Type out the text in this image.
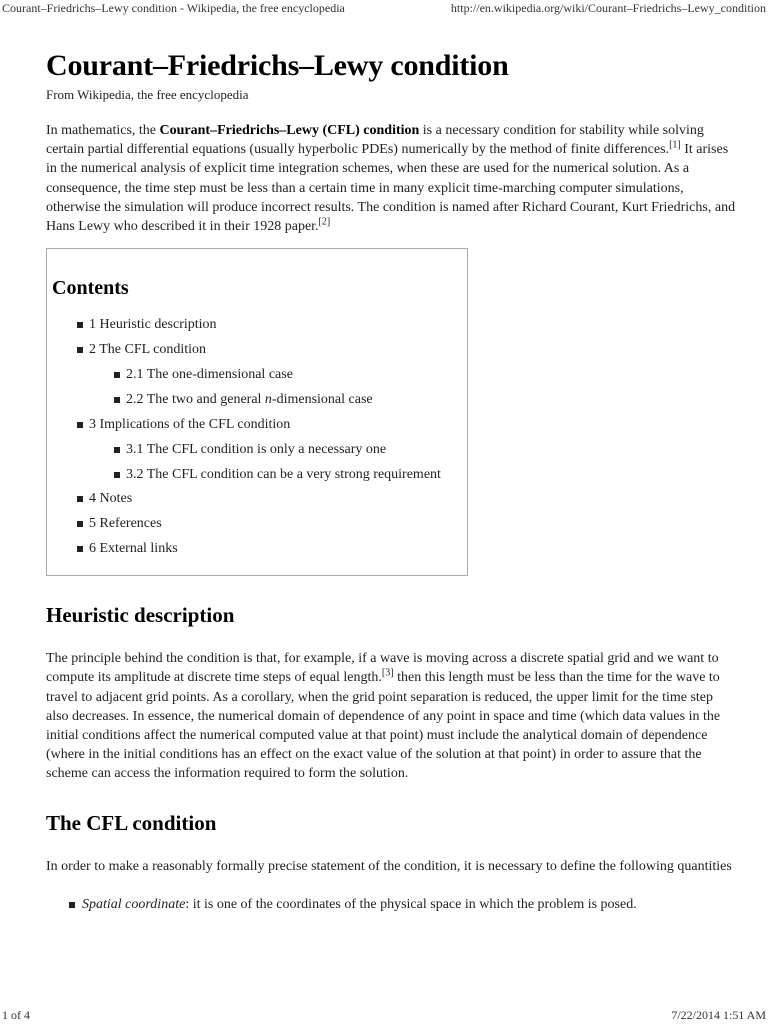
Courant–Friedrichs–Lewy condition - Wikipedia, the free encyclopedia	http://en.wikipedia.org/wiki/Courant–Friedrichs–Lewy_condition
Courant–Friedrichs–Lewy condition
From Wikipedia, the free encyclopedia

In mathematics, the Courant–Friedrichs–Lewy (CFL) condition is a necessary condition for stability while solving certain partial differential equations (usually hyperbolic PDEs) numerically by the method of finite differences.[1] It arises in the numerical analysis of explicit time integration schemes, when these are used for the numerical solution. As a consequence, the time step must be less than a certain time in many explicit time-marching computer simulations, otherwise the simulation will produce incorrect results. The condition is named after Richard Courant, Kurt Friedrichs, and Hans Lewy who described it in their 1928 paper.[2]

Contents
1 Heuristic description
2 The CFL condition
2.1 The one-dimensional case
2.2 The two and general n-dimensional case
3 Implications of the CFL condition
3.1 The CFL condition is only a necessary one
3.2 The CFL condition can be a very strong requirement
4 Notes
5 References
6 External links
Heuristic description

The principle behind the condition is that, for example, if a wave is moving across a discrete spatial grid and we want to compute its amplitude at discrete time steps of equal length.[3] then this length must be less than the time for the wave to travel to adjacent grid points. As a corollary, when the grid point separation is reduced, the upper limit for the time step also decreases. In essence, the numerical domain of dependence of any point in space and time (which data values in the initial conditions affect the numerical computed value at that point) must include the analytical domain of dependence (where in the initial conditions has an effect on the exact value of the solution at that point) in order to assure that the scheme can access the information required to form the solution.

The CFL condition

In order to make a reasonably formally precise statement of the condition, it is necessary to define the following quantities

Spatial coordinate: it is one of the coordinates of the physical space in which the problem is posed.
1 of 4	7/22/2014 1:51 AM
